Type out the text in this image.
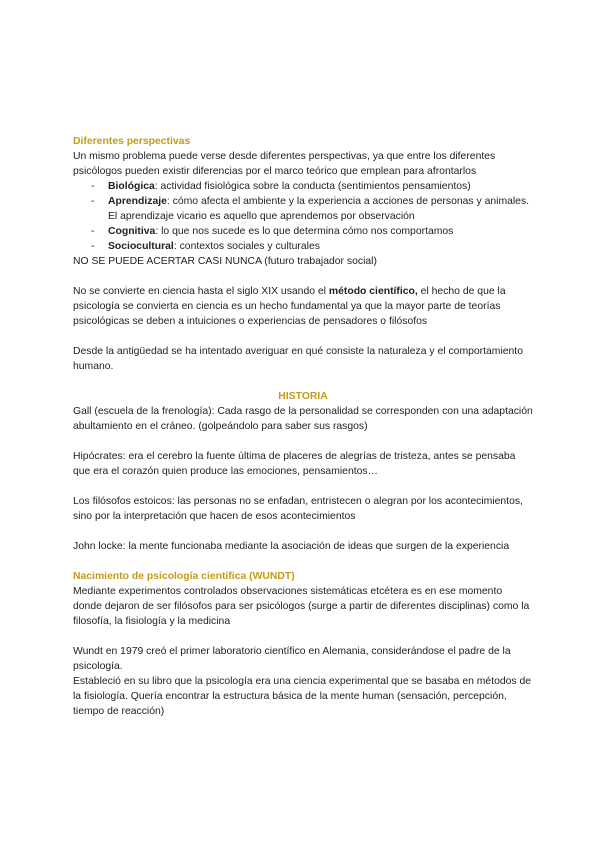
Diferentes perspectivas

Un mismo problema puede verse desde diferentes perspectivas, ya que entre los diferentes psicólogos pueden existir diferencias por el marco teórico que emplean para afrontarlos

- Biológica: actividad fisiológica sobre la conducta (sentimientos pensamientos)
- Aprendizaje: cómo afecta el ambiente y la experiencia a acciones de personas y animales. El aprendizaje vicario es aquello que aprendemos por observación
- Cognitiva: lo que nos sucede es lo que determina cómo nos comportamos
- Sociocultural: contextos sociales y culturales

NO SE PUEDE ACERTAR CASI NUNCA (futuro trabajador social)

No se convierte en ciencia hasta el siglo XIX usando el método científico, el hecho de que la psicología se convierta en ciencia es un hecho fundamental ya que la mayor parte de teorías psicológicas se deben a intuiciones o experiencias de pensadores o filósofos

Desde la antigüedad se ha intentado averiguar en qué consiste la naturaleza y el comportamiento humano.

HISTORIA

Gall (escuela de la frenología): Cada rasgo de la personalidad se corresponden con una adaptación abultamiento en el cráneo. (golpeándolo para saber sus rasgos)

Hipócrates: era el cerebro la fuente última de placeres de alegrías de tristeza, antes se pensaba que era el corazón quien produce las emociones, pensamientos…

Los filósofos estoicos: las personas no se enfadan, entristecen o alegran por los acontecimientos, sino por la interpretación que hacen de esos acontecimientos

John locke: la mente funcionaba mediante la asociación de ideas que surgen de la experiencia

Nacimiento de psicología científica (WUNDT)

Mediante experimentos controlados observaciones sistemáticas etcétera es en ese momento donde dejaron de ser filósofos para ser psicólogos (surge a partir de diferentes disciplinas) como la filosofía, la fisiología y la medicina

Wundt en 1979 creó el primer laboratorio científico en Alemania, considerándose el padre de la psicología.

Estableció en su libro que la psicología era una ciencia experimental que se basaba en métodos de la fisiología. Quería encontrar la estructura básica de la mente human (sensación, percepción, tiempo de reacción)
